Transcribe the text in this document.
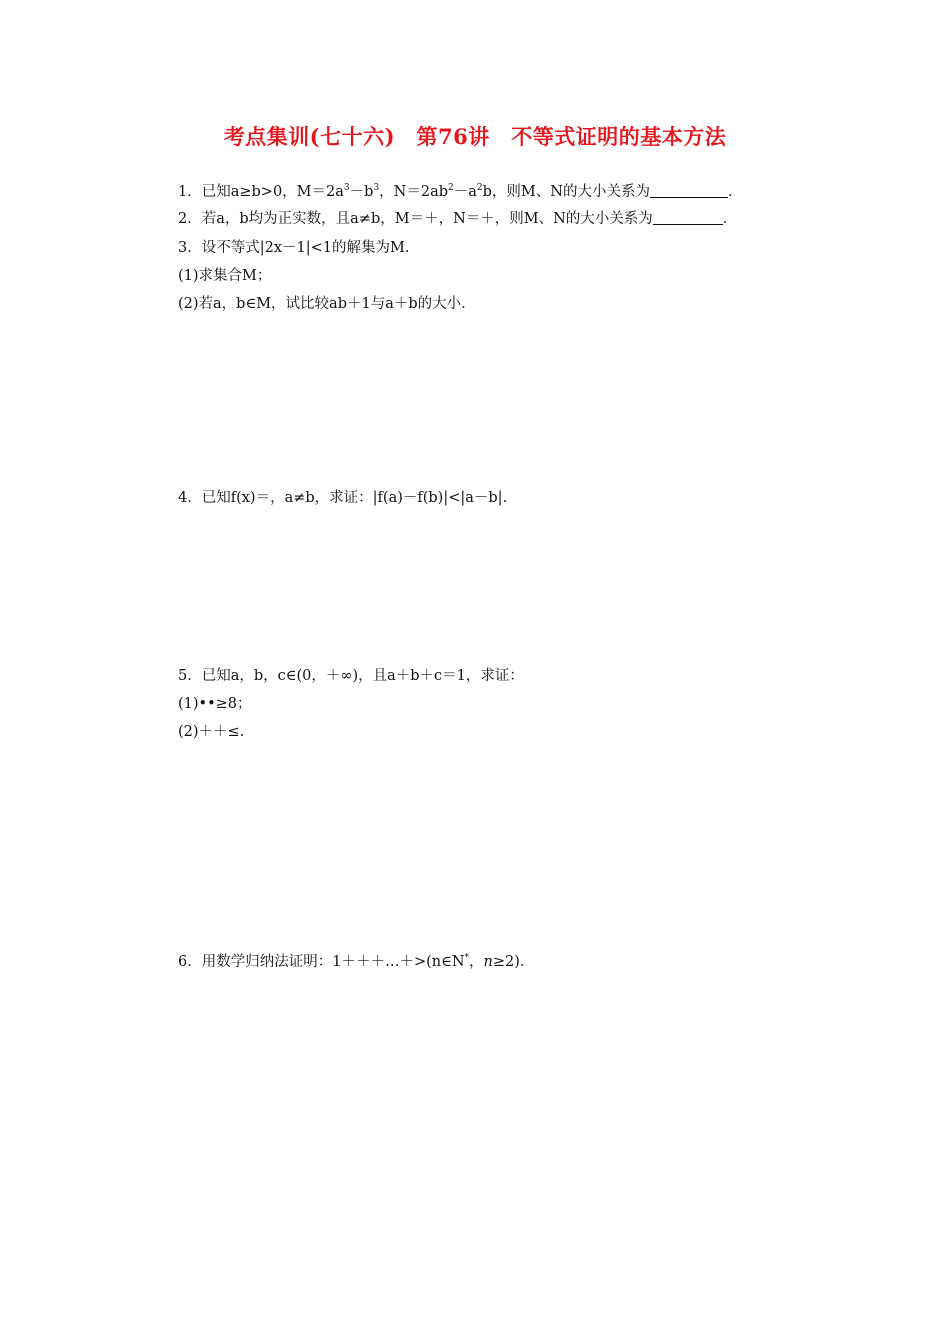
考点集训(七十六)　第76讲　不等式证明的基本方法
1．已知a≥b>0，$M=2a^3-b^3$，$N=2ab^2-a^2b$，则M、N的大小关系为	．
2．若a，b均为正实数，且a≠b，M＝＋，N＝＋，则M、N的大小关系为	．
3．设不等式|2x－1|<1的解集为M.
(1)求集合M；
(2)若a，b∈M，试比较ab＋1与a＋b的大小．
4．已知f(x)＝，a≠b，求证：|f(a)－f(b)|<|a－b|.
5．已知a，b，c∈(0，＋∞)，且a＋b＋c＝1，求证：
(1)••≥8；
(2)＋＋≤.
6．用数学归纳法证明：1＋＋＋…＋>(n∈N*，n≥2)．
